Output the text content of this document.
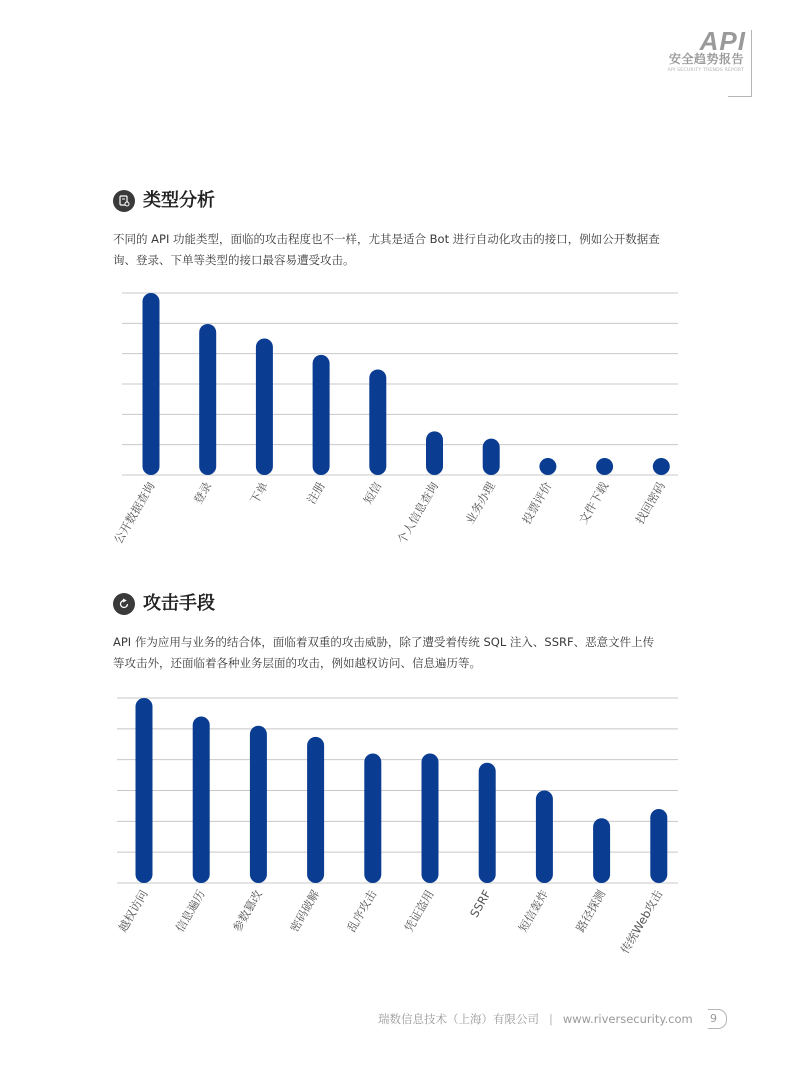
API
安全趋势报告
API SECURITY TRENDS REPORT
类型分析
不同的 API 功能类型，面临的攻击程度也不一样，尤其是适合 Bot 进行自动化攻击的接口，例如公开数据查
询、登录、下单等类型的接口最容易遭受攻击。
公开数据查询	登录	下单	注册	短信 个人信息查询 业务办理 投票评价 文件下载 找回密码
攻击手段
API 作为应用与业务的结合体，面临着双重的攻击威胁，除了遭受着传统 SQL 注入、SSRF、恶意文件上传
等攻击外，还面临着各种业务层面的攻击，例如越权访问、信息遍历等。
越权访问 信息遍历 参数篡改 密码破解 乱序攻击 凭证盗用	SSRF 短信轰炸 路径探测 传统Web攻击
瑞数信息技术（上海）有限公司 | www.riversecurity.com 9
